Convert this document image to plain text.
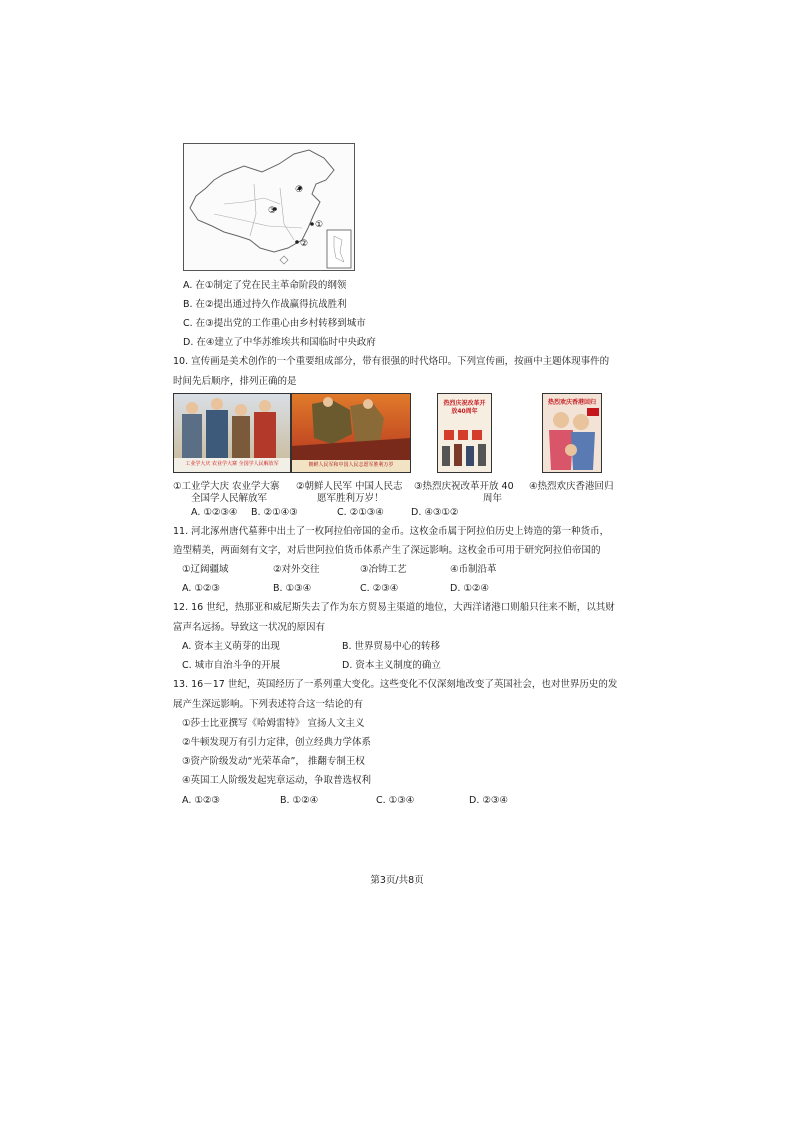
④
③
②
①
A. 在①制定了党在民主革命阶段的纲领
B. 在②提出通过持久作战赢得抗战胜利
C. 在③提出党的工作重心由乡村转移到城市
D. 在④建立了中华苏维埃共和国临时中央政府
10. 宣传画是美术创作的一个重要组成部分，带有很强的时代烙印。下列宣传画，按画中主题体现事件的
时间先后顺序，排列正确的是
工业学大庆 农业学大寨 全国学人民解放军	朝鲜人民军和中国人民志愿军胜利万岁
热烈庆祝改革开放40周年
热烈欢庆香港回归
①工业学大庆 农业学大寨
全国学人民解放军
②朝鲜人民军 中国人民志
愿军胜利万岁！
③热烈庆祝改革开放 40
周年
④热烈欢庆香港回归
A. ①②③④ B. ②①④③	C. ②①③④	D. ④③①②
11. 河北涿州唐代墓葬中出土了一枚阿拉伯帝国的金币。这枚金币属于阿拉伯历史上铸造的第一种货币，
造型精美，两面刻有文字，对后世阿拉伯货币体系产生了深远影响。这枚金币可用于研究阿拉伯帝国的
①辽阔疆域	②对外交往	③冶铸工艺	④币制沿革
A. ①②③	B. ①③④	C. ②③④	D. ①②④
12. 16 世纪，热那亚和威尼斯失去了作为东方贸易主渠道的地位，大西洋诸港口则船只往来不断，以其财
富声名远扬。导致这一状况的原因有
A. 资本主义萌芽的出现	B. 世界贸易中心的转移
C. 城市自治斗争的开展	D. 资本主义制度的确立
13. 16－17 世纪，英国经历了一系列重大变化。这些变化不仅深刻地改变了英国社会，也对世界历史的发
展产生深远影响。下列表述符合这一结论的有
①莎士比亚撰写《哈姆雷特》 宣扬人文主义
②牛顿发现万有引力定律，创立经典力学体系
③资产阶级发动“光荣革命”， 推翻专制王权
④英国工人阶级发起宪章运动，争取普选权利
A. ①②③	B. ①②④	C. ①③④	D. ②③④
第3页/共8页
